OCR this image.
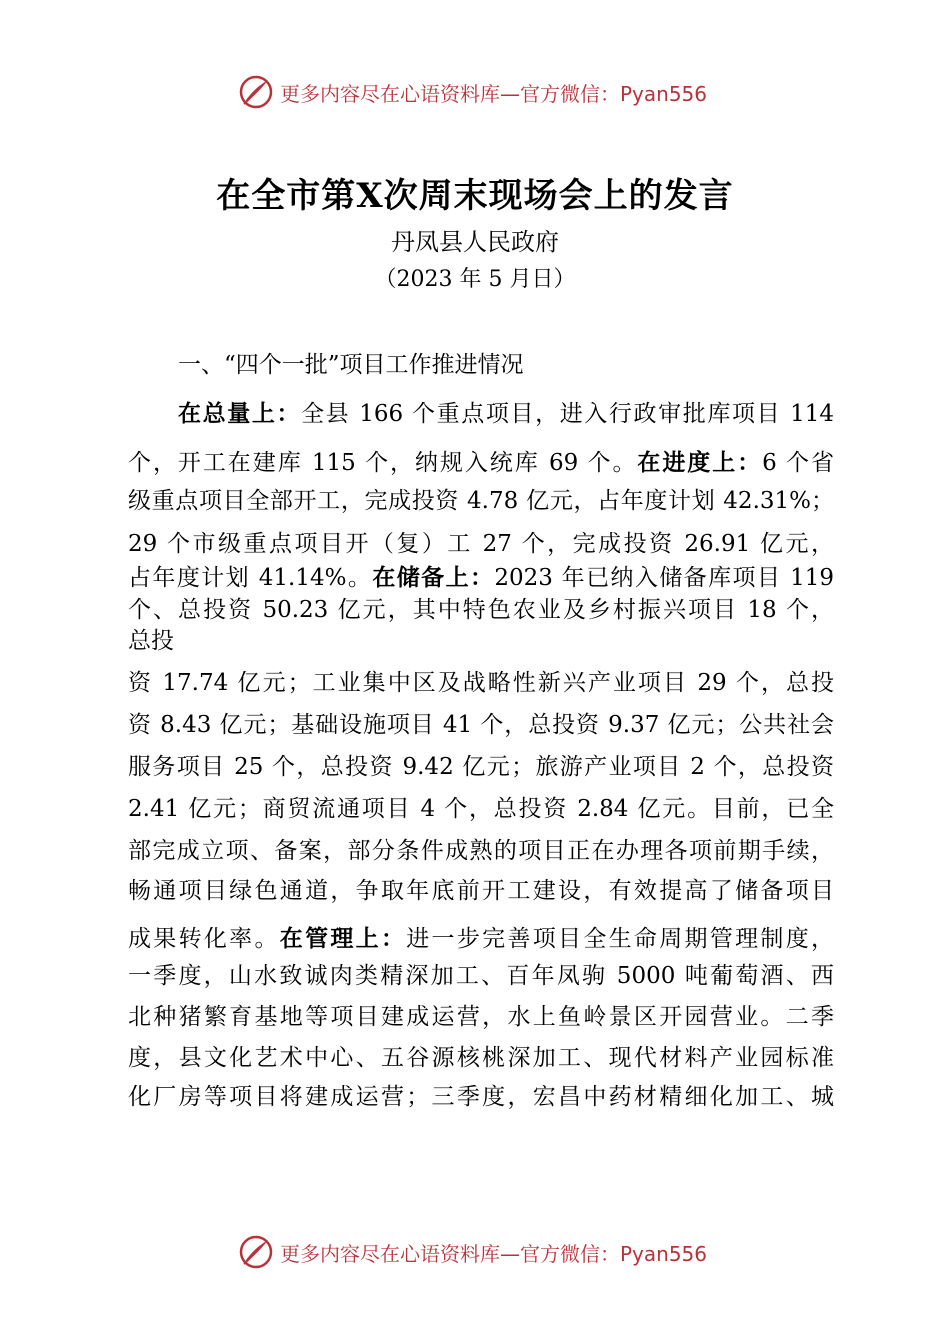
更多内容尽在心语资料库—官方微信：Pyan556
在全市第X次周末现场会上的发言
丹凤县人民政府
（2023 年 5 月日）
一、“四个一批”项目工作推进情况
在总量上：全县 166 个重点项目，进入行政审批库项目 114
个，开工在建库 115 个，纳规入统库 69 个。在进度上：6 个省
级重点项目全部开工，完成投资 4.78 亿元，占年度计划 42.31%；
29 个市级重点项目开（复）工 27 个，完成投资 26.91 亿元，
占年度计划 41.14%。在储备上：2023 年已纳入储备库项目 119
个、总投资 50.23 亿元，其中特色农业及乡村振兴项目 18 个，
总投
资 17.74 亿元；工业集中区及战略性新兴产业项目 29 个，总投
资 8.43 亿元；基础设施项目 41 个，总投资 9.37 亿元；公共社会
服务项目 25 个，总投资 9.42 亿元；旅游产业项目 2 个，总投资
2.41 亿元；商贸流通项目 4 个，总投资 2.84 亿元。目前，已全
部完成立项、备案，部分条件成熟的项目正在办理各项前期手续，
畅通项目绿色通道，争取年底前开工建设，有效提高了储备项目
成果转化率。在管理上：进一步完善项目全生命周期管理制度，
一季度，山水致诚肉类精深加工、百年凤驹 5000 吨葡萄酒、西
北种猪繁育基地等项目建成运营，水上鱼岭景区开园营业。二季
度，县文化艺术中心、五谷源核桃深加工、现代材料产业园标准
化厂房等项目将建成运营；三季度，宏昌中药材精细化加工、城
更多内容尽在心语资料库—官方微信：Pyan556
